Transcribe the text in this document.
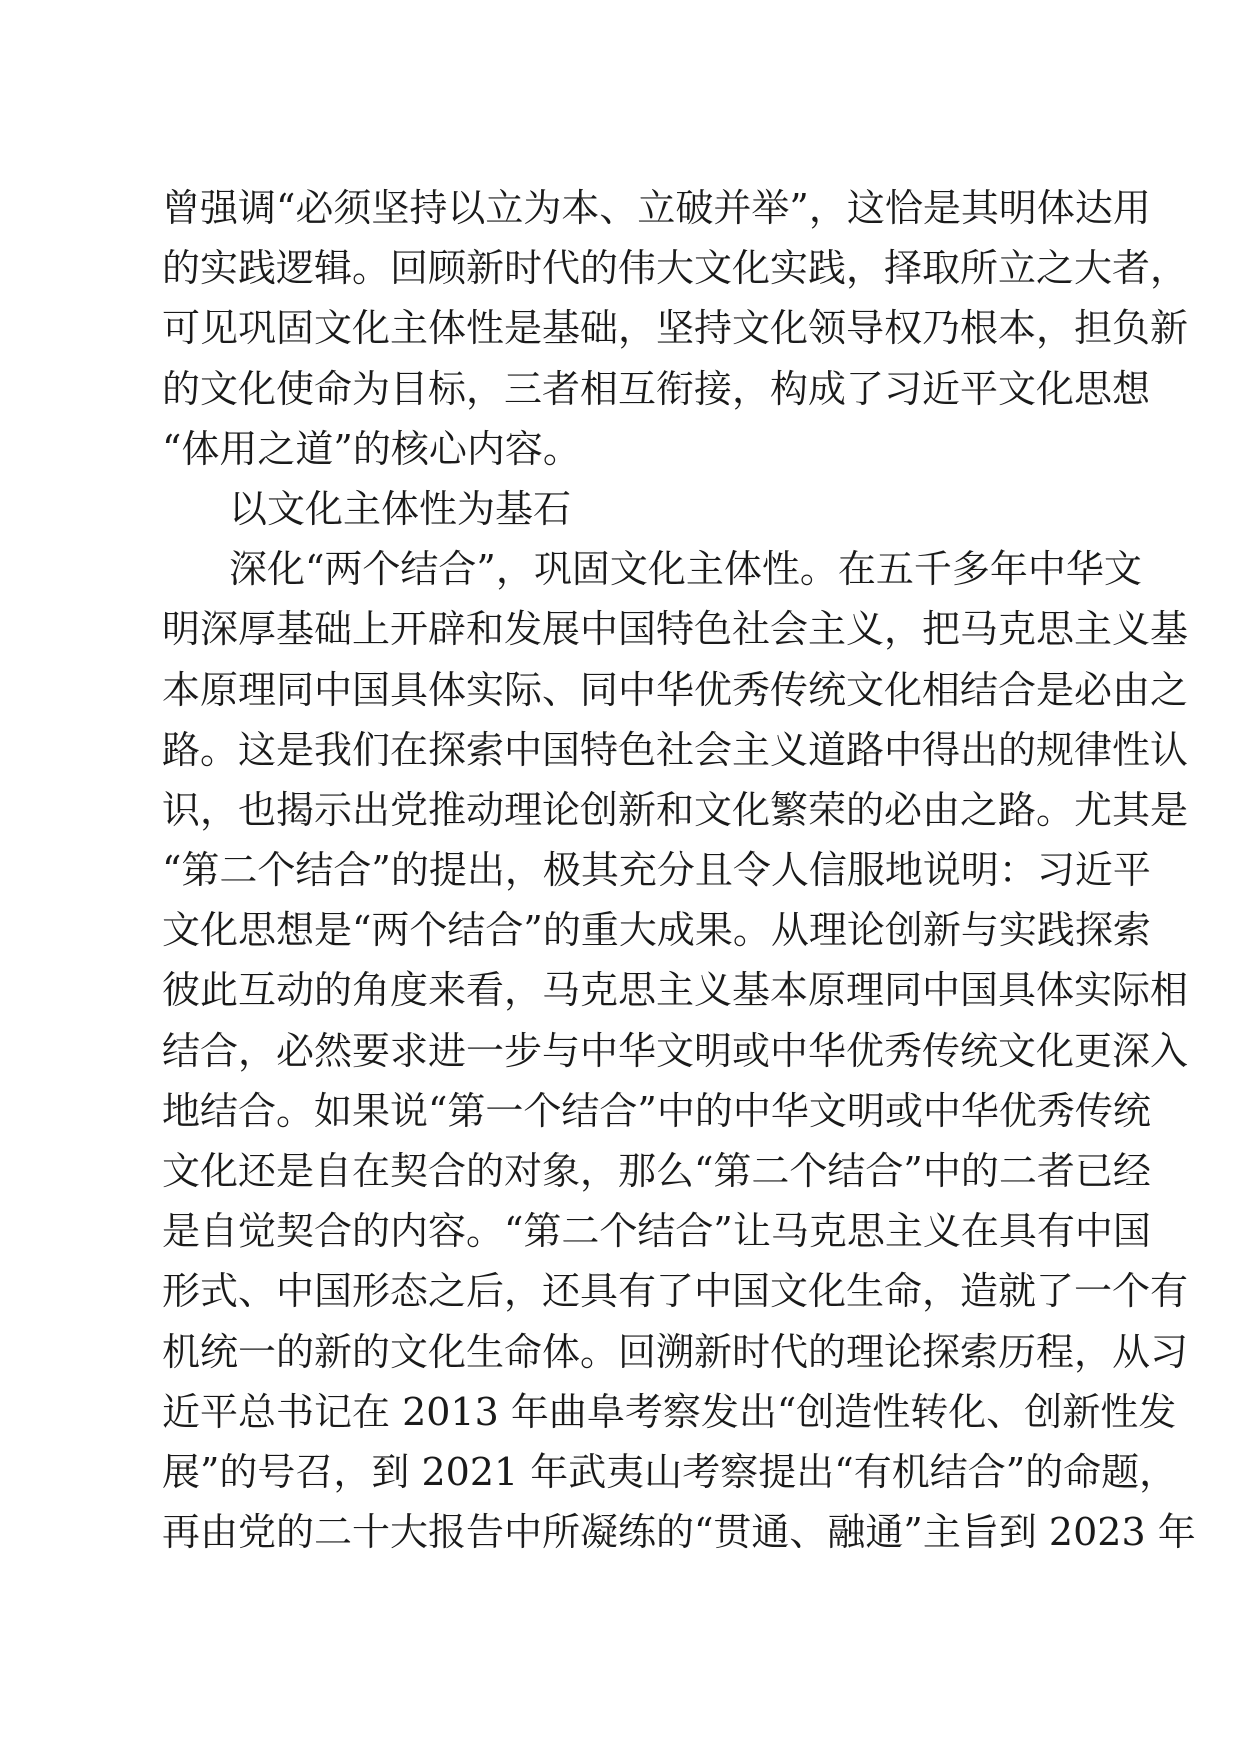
曾强调“必须坚持以立为本、立破并举”，这恰是其明体达用
的实践逻辑。回顾新时代的伟大文化实践，择取所立之大者，
可见巩固文化主体性是基础，坚持文化领导权乃根本，担负新
的文化使命为目标，三者相互衔接，构成了习近平文化思想
“体用之道”的核心内容。
以文化主体性为基石
深化“两个结合”，巩固文化主体性。在五千多年中华文
明深厚基础上开辟和发展中国特色社会主义，把马克思主义基
本原理同中国具体实际、同中华优秀传统文化相结合是必由之
路。这是我们在探索中国特色社会主义道路中得出的规律性认
识，也揭示出党推动理论创新和文化繁荣的必由之路。尤其是
“第二个结合”的提出，极其充分且令人信服地说明：习近平
文化思想是“两个结合”的重大成果。从理论创新与实践探索
彼此互动的角度来看，马克思主义基本原理同中国具体实际相
结合，必然要求进一步与中华文明或中华优秀传统文化更深入
地结合。如果说“第一个结合”中的中华文明或中华优秀传统
文化还是自在契合的对象，那么“第二个结合”中的二者已经
是自觉契合的内容。“第二个结合”让马克思主义在具有中国
形式、中国形态之后，还具有了中国文化生命，造就了一个有
机统一的新的文化生命体。回溯新时代的理论探索历程，从习
近平总书记在 2013 年曲阜考察发出“创造性转化、创新性发
展”的号召，到 2021 年武夷山考察提出“有机结合”的命题，
再由党的二十大报告中所凝练的“贯通、融通”主旨到 2023 年
